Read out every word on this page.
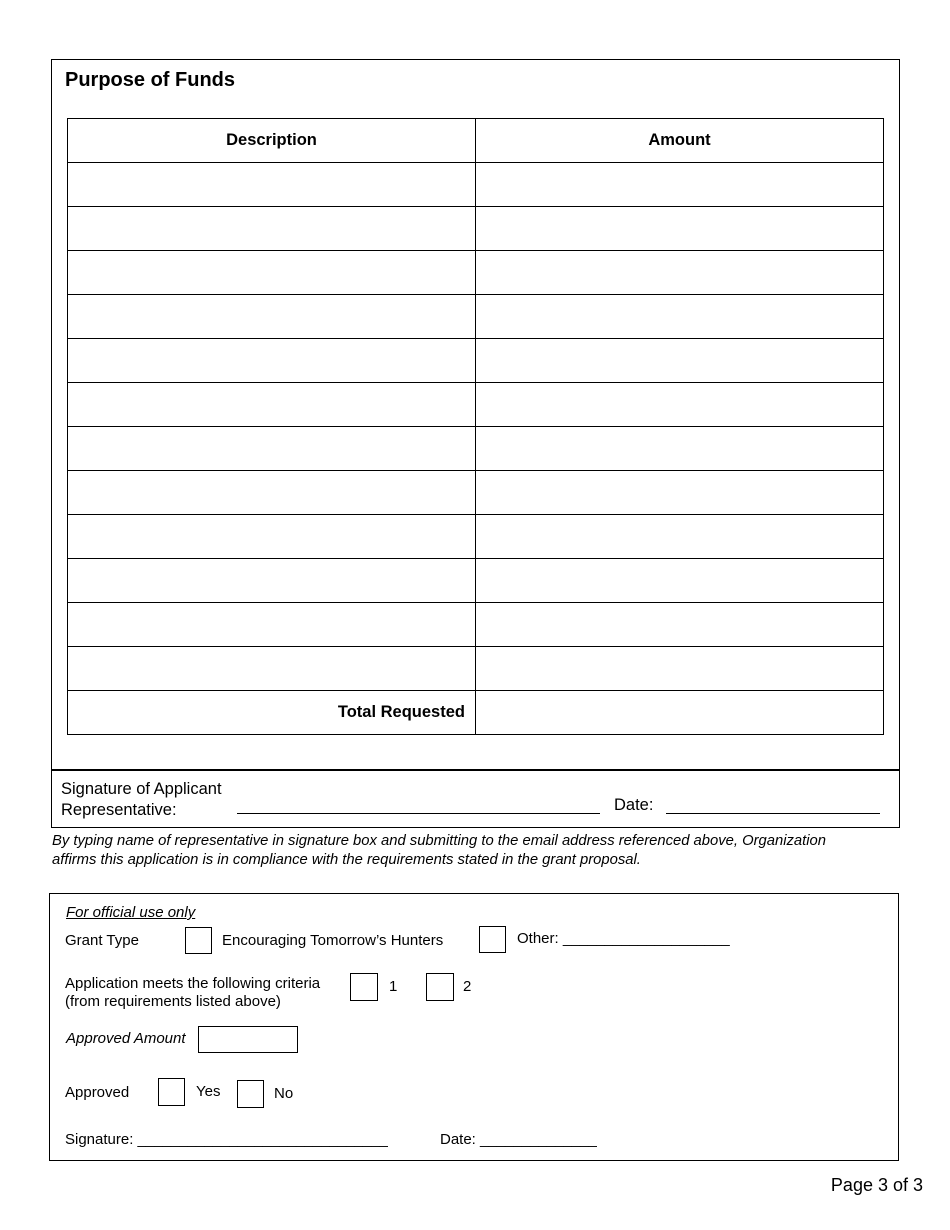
Purpose of Funds
Description	Amount

Total Requested	
Signature of Applicant
Representative:	Date:
By typing name of representative in signature box and submitting to the email address referenced above, Organization
affirms this application is in compliance with the requirements stated in the grant proposal.
For official use only
Grant Type	Encouraging Tomorrow’s Hunters	Other: ____________________
Application meets the following criteria
(from requirements listed above)
1	2
Approved Amount
Approved	Yes	No
Signature: ______________________________	Date: ______________
Page 3 of 3
